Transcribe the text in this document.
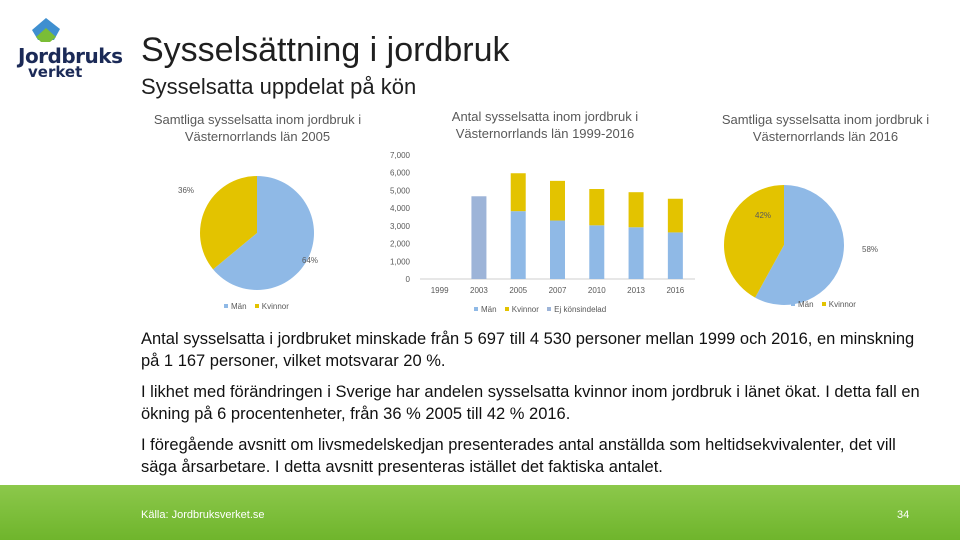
Jordbruks
verket
Sysselsättning i jordbruk
Sysselsatta uppdelat på kön
Samtliga sysselsatta inom jordbruk i Västernorrlands län 2005
Antal sysselsatta inom jordbruk i Västernorrlands län 1999-2016
Samtliga sysselsatta inom jordbruk i Västernorrlands län 2016
64%
36%
0
1,000
2,000
3,000
4,000
5,000
6,000
7,000
1999	2003	2005	2007	2010	2013	2016
58%
42%
Män Kvinnor	Män Kvinnor Ej könsindelad
Män Kvinnor
Antal sysselsatta i jordbruket minskade från 5 697 till 4 530 personer mellan 1999 och 2016, en minskning på 1 167 personer, vilket motsvarar 20 %.
I likhet med förändringen i Sverige har andelen sysselsatta kvinnor inom jordbruk i länet ökat. I detta fall en ökning på 6 procentenheter, från 36 % 2005 till 42 % 2016.
I föregående avsnitt om livsmedelskedjan presenterades antal anställda som heltidsekvivalenter, det vill säga årsarbetare. I detta avsnitt presenteras istället det faktiska antalet.
Källa: Jordbruksverket.se	34
